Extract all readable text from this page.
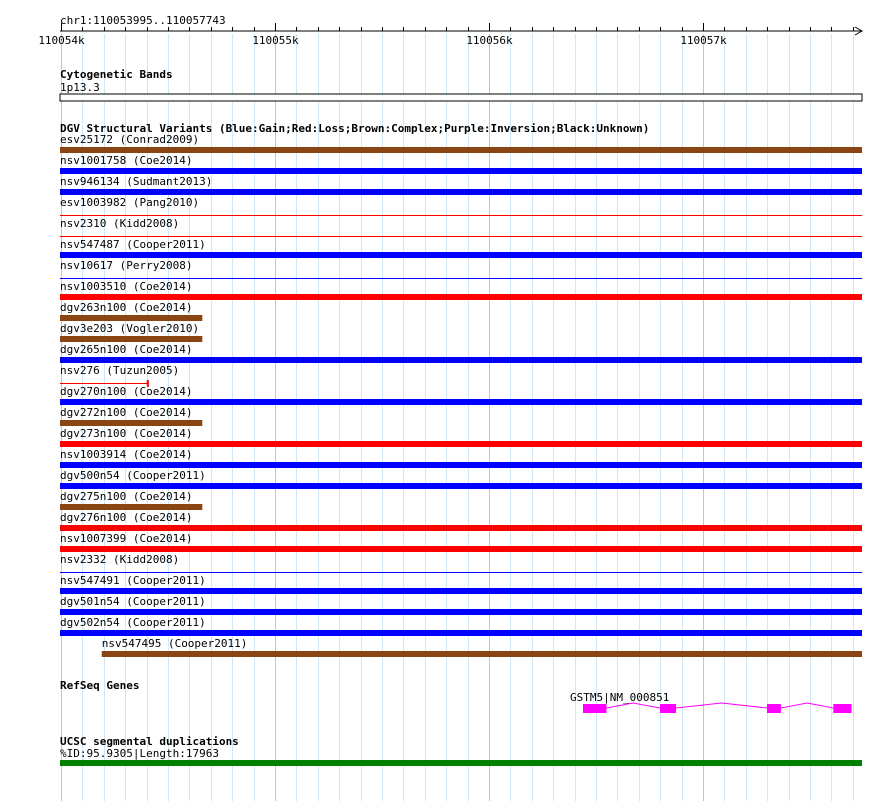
chr1:110053995..110057743
110054k	110055k	110056k	110057k
Cytogenetic Bands
1p13.3
DGV Structural Variants (Blue:Gain;Red:Loss;Brown:Complex;Purple:Inversion;Black:Unknown)
esv25172 (Conrad2009)
nsv1001758 (Coe2014)
nsv946134 (Sudmant2013)
esv1003982 (Pang2010)
nsv2310 (Kidd2008)
nsv547487 (Cooper2011)
nsv10617 (Perry2008)
nsv1003510 (Coe2014)
dgv263n100 (Coe2014)
dgv3e203 (Vogler2010)
dgv265n100 (Coe2014)
nsv276 (Tuzun2005)
dgv270n100 (Coe2014)
dgv272n100 (Coe2014)
dgv273n100 (Coe2014)
nsv1003914 (Coe2014)
dgv500n54 (Cooper2011)
dgv275n100 (Coe2014)
dgv276n100 (Coe2014)
nsv1007399 (Coe2014)
nsv2332 (Kidd2008)
nsv547491 (Cooper2011)
dgv501n54 (Cooper2011)
dgv502n54 (Cooper2011)
nsv547495 (Cooper2011)
RefSeq Genes
GSTM5|NM_000851
UCSC segmental duplications
%ID:95.9305|Length:17963
